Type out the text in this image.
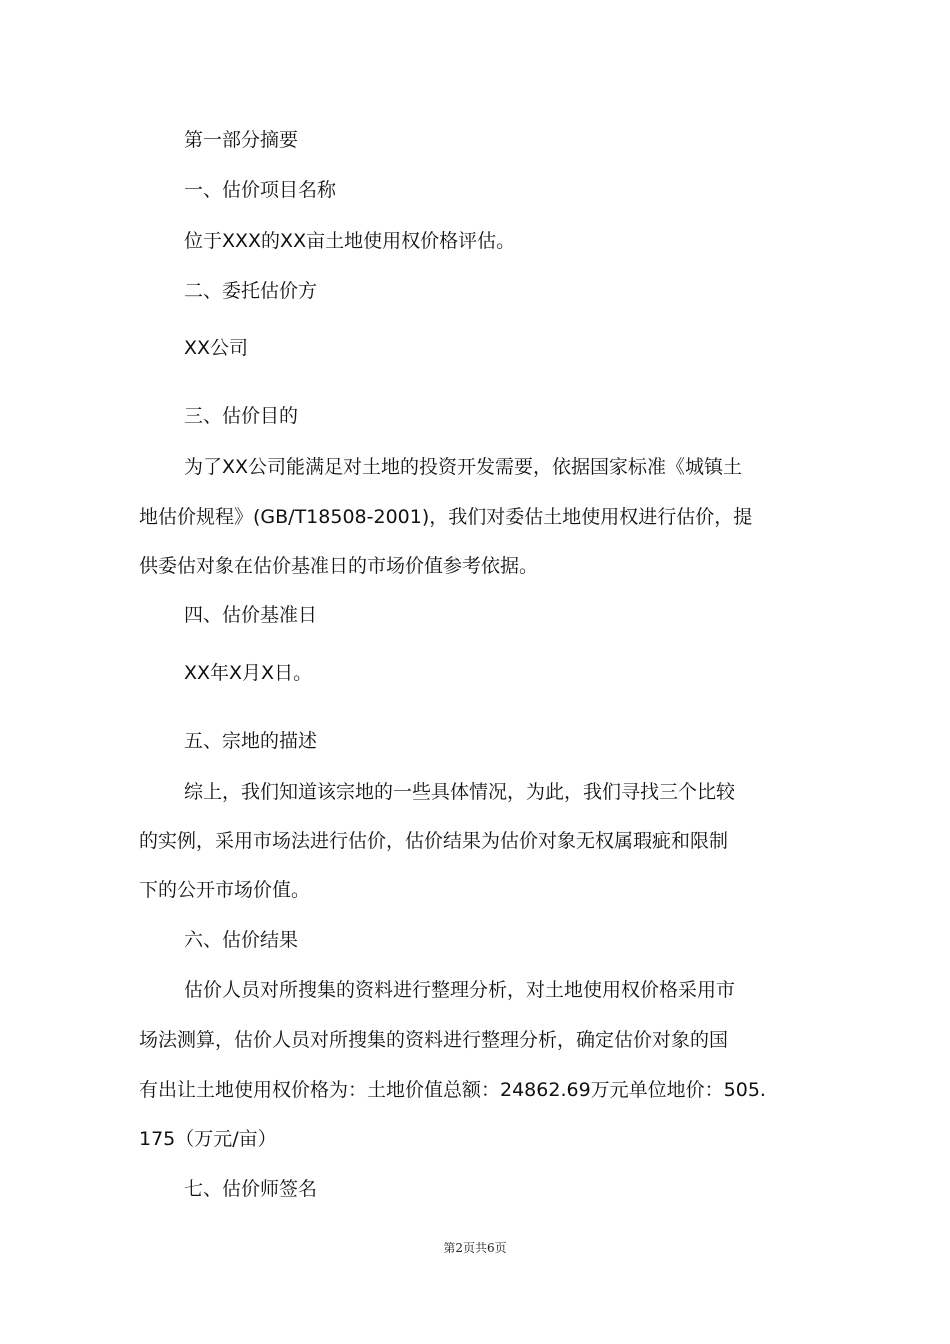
第一部分摘要

一、估价项目名称

位于XXX的XX亩土地使用权价格评估。

二、委托估价方

XX公司

三、估价目的

为了XX公司能满足对土地的投资开发需要，依据国家标准《城镇土

地估价规程》(GB/T18508-2001)，我们对委估土地使用权进行估价，提

供委估对象在估价基准日的市场价值参考依据。

四、估价基准日

XX年X月X日。

五、宗地的描述

综上，我们知道该宗地的一些具体情况，为此，我们寻找三个比较

的实例，采用市场法进行估价，估价结果为估价对象无权属瑕疵和限制

下的公开市场价值。

六、估价结果

估价人员对所搜集的资料进行整理分析，对土地使用权价格采用市

场法测算，估价人员对所搜集的资料进行整理分析，确定估价对象的国

有出让土地使用权价格为：土地价值总额：24862.69万元单位地价：505.

175（万元/亩）

七、估价师签名

第2页共6页
